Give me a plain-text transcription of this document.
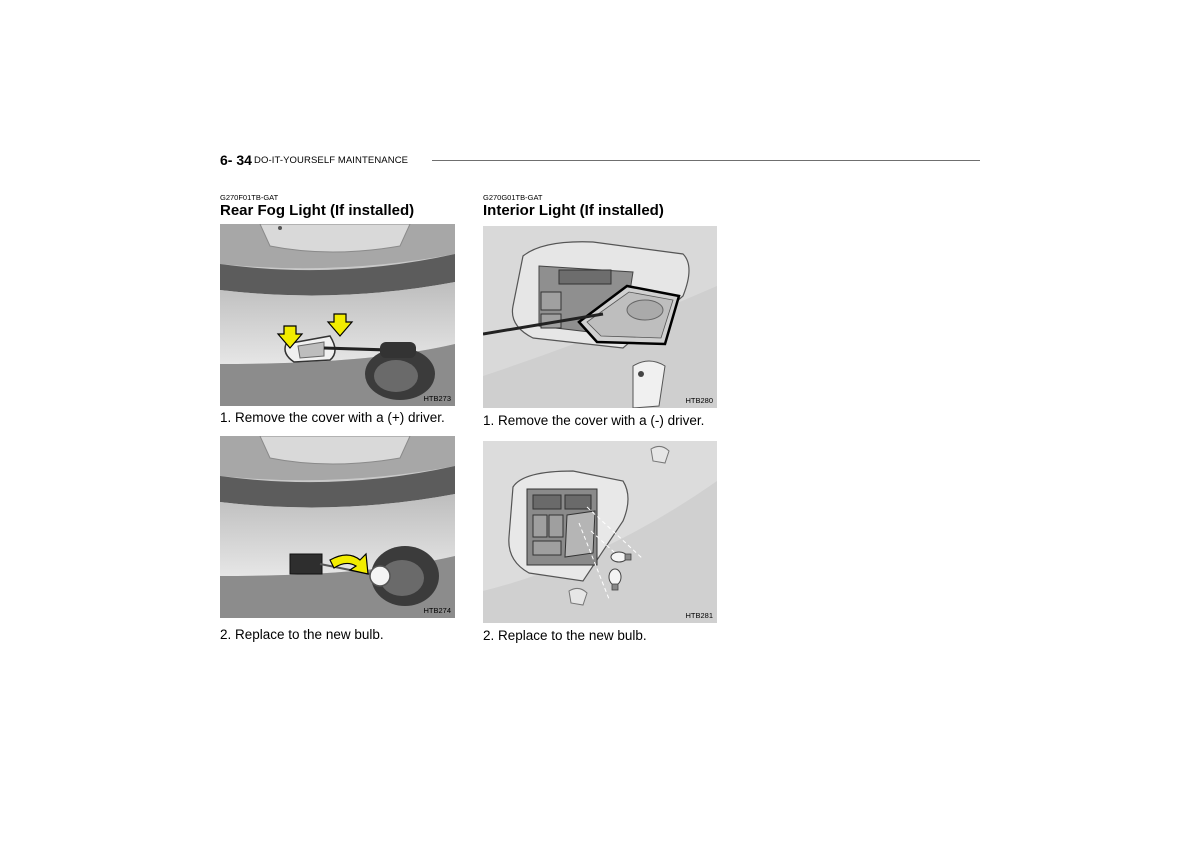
6- 34 DO-IT-YOURSELF MAINTENANCE
G270F01TB-GAT
Rear Fog Light (If installed)
HTB273
1. Remove the cover with a (+) driver.
HTB274
2. Replace to the new bulb.
G270G01TB-GAT
Interior Light (If installed)
HTB280
1. Remove the cover with a (-) driver.
HTB281
2. Replace to the new bulb.
